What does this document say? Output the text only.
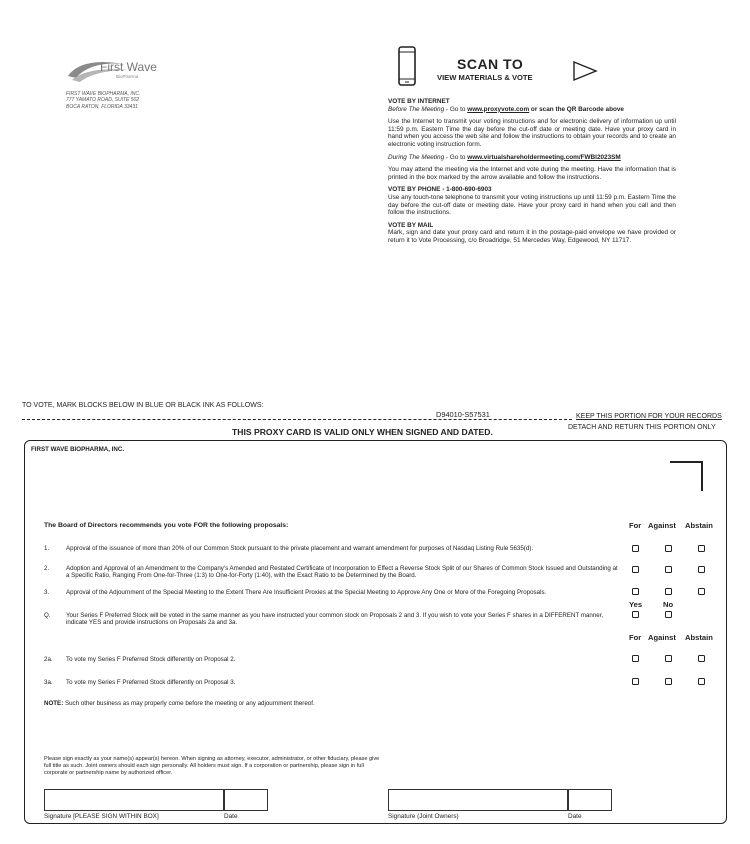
First Wave
BioPharma
FIRST WAVE BIOPHARMA, INC.
777 YAMATO ROAD, SUITE 502
BOCA RATON, FLORIDA 33431
SCAN TO
VIEW MATERIALS & VOTE
VOTE BY INTERNET
Before The Meeting - Go to www.proxyvote.com or scan the QR Barcode above
Use the Internet to transmit your voting instructions and for electronic delivery of information up until 11:59 p.m. Eastern Time the day before the cut-off date or meeting date. Have your proxy card in hand when you access the web site and follow the instructions to obtain your records and to create an electronic voting instruction form.
During The Meeting - Go to www.virtualshareholdermeeting.com/FWBI2023SM
You may attend the meeting via the Internet and vote during the meeting. Have the information that is printed in the box marked by the arrow available and follow the instructions.
VOTE BY PHONE - 1-800-690-6903
Use any touch-tone telephone to transmit your voting instructions up until 11:59 p.m. Eastern Time the day before the cut-off date or meeting date. Have your proxy card in hand when you call and then follow the instructions.
VOTE BY MAIL
Mark, sign and date your proxy card and return it in the postage-paid envelope we have provided or return it to Vote Processing, c/o Broadridge, 51 Mercedes Way, Edgewood, NY 11717.
TO VOTE, MARK BLOCKS BELOW IN BLUE OR BLACK INK AS FOLLOWS:
D94010-S57531	KEEP THIS PORTION FOR YOUR RECORDS
THIS PROXY CARD IS VALID ONLY WHEN SIGNED AND DATED.	DETACH AND RETURN THIS PORTION ONLY
FIRST WAVE BIOPHARMA, INC.
The Board of Directors recommends you vote FOR the following proposals:	For Against Abstain
1.	Approval of the issuance of more than 20% of our Common Stock pursuant to the private placement and warrant amendment for purposes of Nasdaq Listing Rule 5635(d).
2.	Adoption and Approval of an Amendment to the Company's Amended and Restated Certificate of Incorporation to Effect a Reverse Stock Split of our Shares of Common Stock Issued and Outstanding at a Specific Ratio, Ranging From One-for-Three (1:3) to One-for-Forty (1:40), with the Exact Ratio to be Determined by the Board.
3.	Approval of the Adjournment of the Special Meeting to the Extent There Are Insufficient Proxies at the Special Meeting to Approve Any One or More of the Foregoing Proposals.
Yes	No
Q. Your Series F Preferred Stock will be voted in the same manner as you have instructed your common stock on Proposals 2 and 3. If you wish to vote your Series F shares in a DIFFERENT manner, indicate YES and provide instructions on Proposals 2a and 3a.
For Against Abstain
2a. To vote my Series F Preferred Stock differently on Proposal 2.
3a. To vote my Series F Preferred Stock differently on Proposal 3.
NOTE: Such other business as may properly come before the meeting or any adjournment thereof.
Please sign exactly as your name(s) appear(s) hereon. When signing as attorney, executor, administrator, or other fiduciary, please give full title as such. Joint owners should each sign personally. All holders must sign. If a corporation or partnership, please sign in full corporate or partnership name by authorized officer.
Signature [PLEASE SIGN WITHIN BOX]	Date	Signature (Joint Owners)	Date
